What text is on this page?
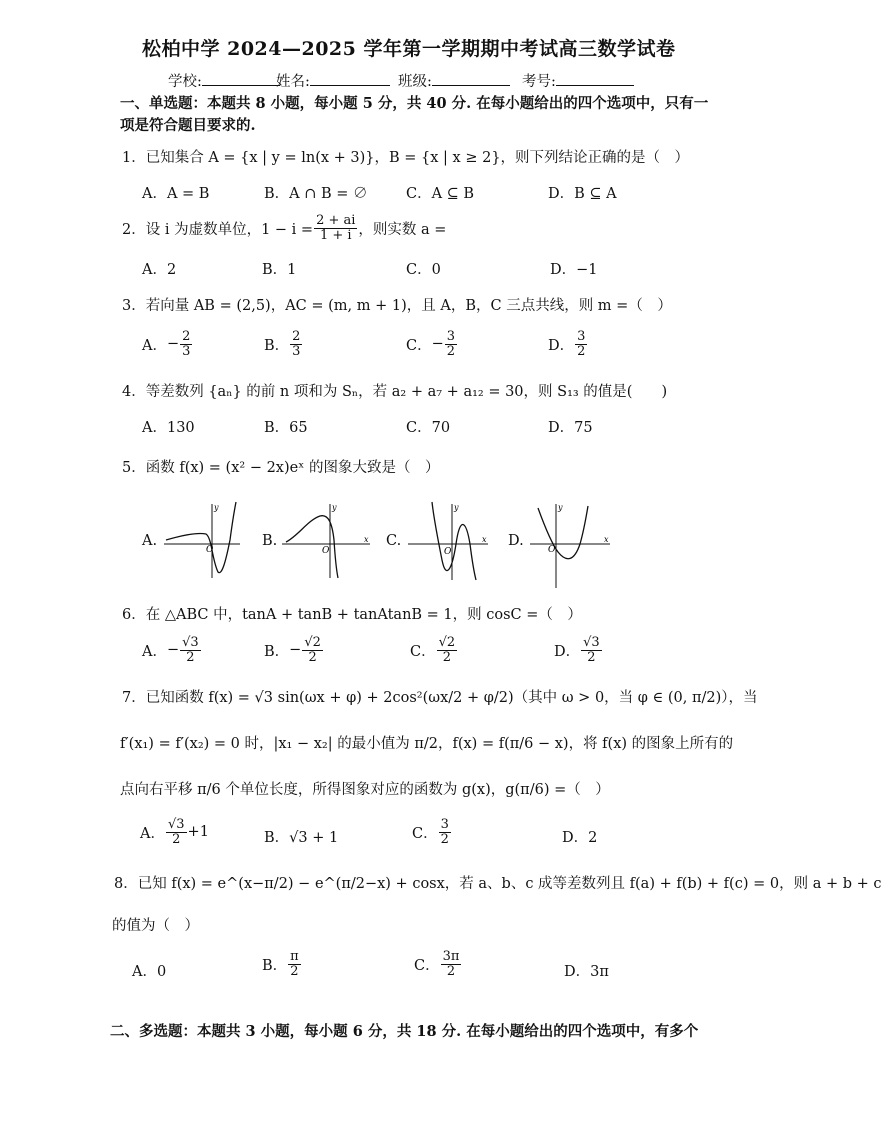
松柏中学 2024—2025 学年第一学期期中考试高三数学试卷
学校:	姓名:	班级:	考号:
一、单选题：本题共 8 小题，每小题 5 分，共 40 分. 在每小题给出的四个选项中，只有一
项是符合题目要求的.
1．已知集合 A = {x | y = ln(x + 3)}，B = {x | x ≥ 2}，则下列结论正确的是（　）
A．A = B	B．A ∩ B = ∅	C．A ⊆ B	D．B ⊆ A
2．设 i 为虚数单位，$1 - i = \frac{2 + ai}{1 + i}$ ，则实数 a =
A．2	B．1	C．0	D．−1
3．若向量 AB = (2,5)，AC = (m, m + 1)，且 A，B，C 三点共线，则 m =（　）
A． − $\frac{2}{3}$	B． $\frac{2}{3}$	C． − $\frac{3}{2}$	D． $\frac{3}{2}$
4．等差数列 {aₙ} 的前 n 项和为 Sₙ，若 a₂ + a₇ + a₁₂ = 30，则 S₁₃ 的值是(　　)
A．130	B．65	C．70	D．75
5．函数 f(x) = (x² − 2x)eˣ 的图象大致是（　）
A.
O
y
B.
O
y
x C.
O
y
x D.
O
y
x
6．在 △ABC 中，tanA + tanB + tanAtanB = 1，则 cosC =（　）
A． − $\frac{√3}{2}$	B． − $\frac{√2}{2}$	C． $\frac{√2}{2}$	D． $\frac{√3}{2}$
7．已知函数 f(x) = √3 sin(ωx + φ) + 2cos²(ωx/2 + φ/2)（其中 ω > 0，当 φ ∈ (0, π/2)），当
f′(x₁) = f′(x₂) = 0 时，|x₁ − x₂| 的最小值为 π/2，f(x) = f(π/6 − x)，将 f(x) 的图象上所有的
点向右平移 π/6 个单位长度，所得图象对应的函数为 g(x)，g(π/6) =（　）
A． $\frac{√3}{2} +1$	B．√3 + 1	C． $\frac{3}{2}$	D．2
8．已知 f(x) = e^(x−π/2) − e^(π/2−x) + cosx，若 a、b、c 成等差数列且 f(a) + f(b) + f(c) = 0，则 a + b + c
的值为（　）
A．0	B． $\frac{\pi}{2}$	C． $\frac{3\pi}{2}$	D．3π
二、多选题：本题共 3 小题，每小题 6 分，共 18 分. 在每小题给出的四个选项中，有多个
